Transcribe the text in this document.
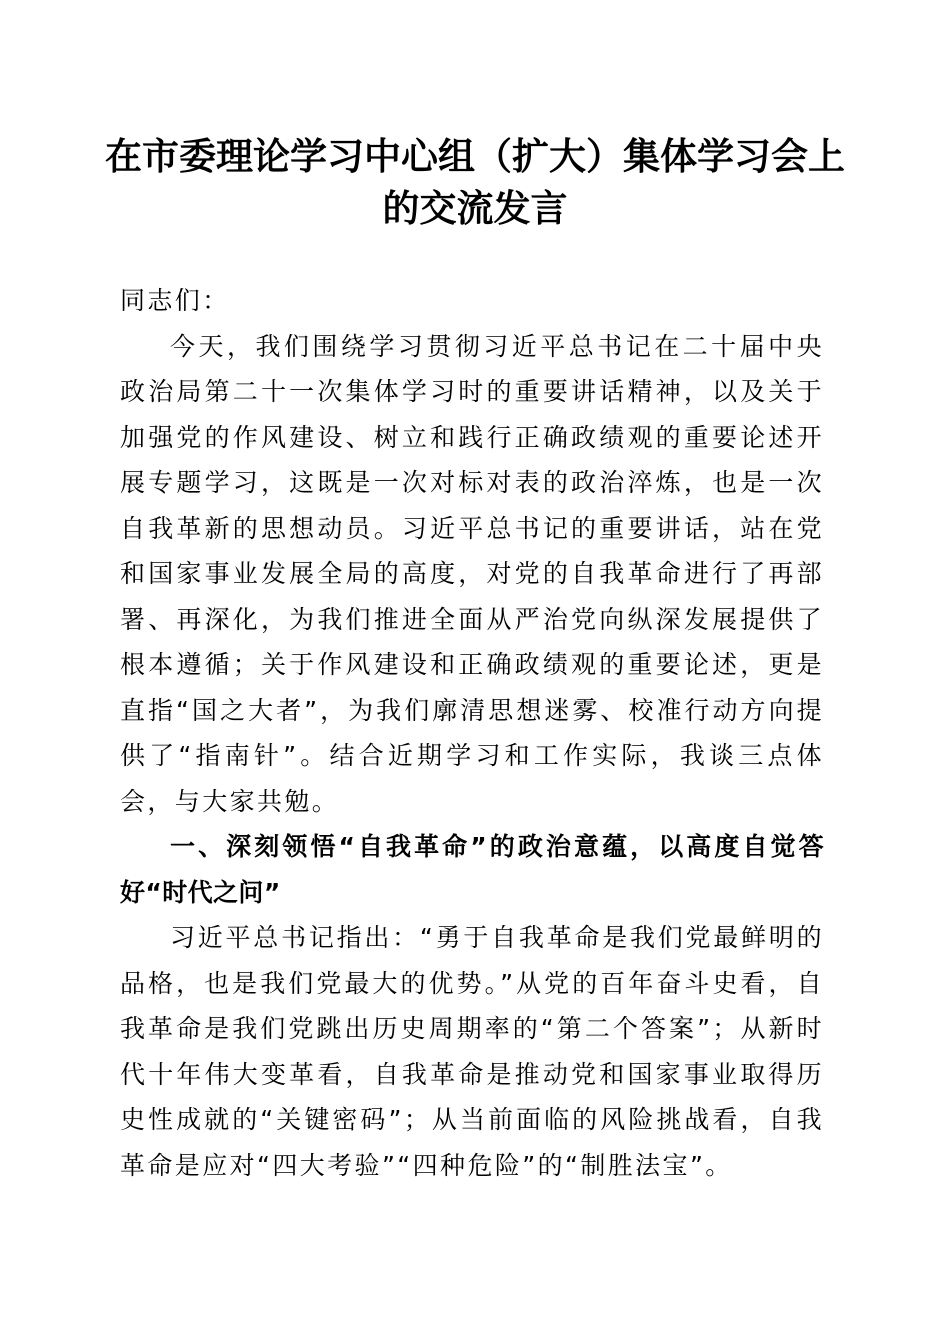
在市委理论学习中心组（扩大）集体学习会上
的交流发言

同志们：

今天，我们围绕学习贯彻习近平总书记在二十届中央政治局第二十一次集体学习时的重要讲话精神，以及关于加强党的作风建设、树立和践行正确政绩观的重要论述开展专题学习，这既是一次对标对表的政治淬炼，也是一次自我革新的思想动员。习近平总书记的重要讲话，站在党和国家事业发展全局的高度，对党的自我革命进行了再部署、再深化，为我们推进全面从严治党向纵深发展提供了根本遵循；关于作风建设和正确政绩观的重要论述，更是直指“国之大者”，为我们廓清思想迷雾、校准行动方向提供了“指南针”。结合近期学习和工作实际，我谈三点体会，与大家共勉。

一、深刻领悟“自我革命”的政治意蕴，以高度自觉答好“时代之问”

习近平总书记指出：“勇于自我革命是我们党最鲜明的品格，也是我们党最大的优势。”从党的百年奋斗史看，自我革命是我们党跳出历史周期率的“第二个答案”；从新时代十年伟大变革看，自我革命是推动党和国家事业取得历史性成就的“关键密码”；从当前面临的风险挑战看，自我革命是应对“四大考验”“四种危险”的“制胜法宝”。
